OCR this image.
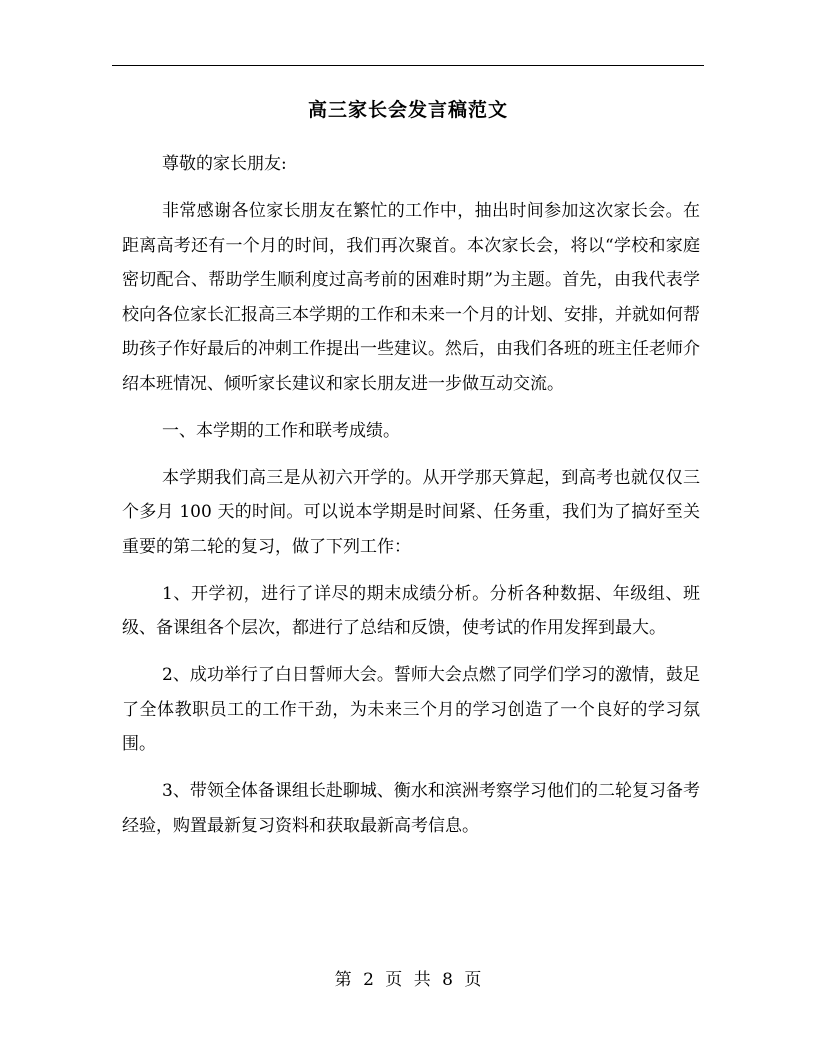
高三家长会发言稿范文

尊敬的家长朋友:

非常感谢各位家长朋友在繁忙的工作中，抽出时间参加这次家长会。在距离高考还有一个月的时间，我们再次聚首。本次家长会，将以“学校和家庭密切配合、帮助学生顺利度过高考前的困难时期”为主题。首先，由我代表学校向各位家长汇报高三本学期的工作和未来一个月的计划、安排，并就如何帮助孩子作好最后的冲刺工作提出一些建议。然后，由我们各班的班主任老师介绍本班情况、倾听家长建议和家长朋友进一步做互动交流。

一、本学期的工作和联考成绩。

本学期我们高三是从初六开学的。从开学那天算起，到高考也就仅仅三个多月 100 天的时间。可以说本学期是时间紧、任务重，我们为了搞好至关重要的第二轮的复习，做了下列工作：

1、开学初，进行了详尽的期末成绩分析。分析各种数据、年级组、班级、备课组各个层次，都进行了总结和反馈，使考试的作用发挥到最大。

2、成功举行了白日誓师大会。誓师大会点燃了同学们学习的激情，鼓足了全体教职员工的工作干劲，为未来三个月的学习创造了一个良好的学习氛围。

3、带领全体备课组长赴聊城、衡水和滨洲考察学习他们的二轮复习备考经验，购置最新复习资料和获取最新高考信息。

第 2 页 共 8 页
